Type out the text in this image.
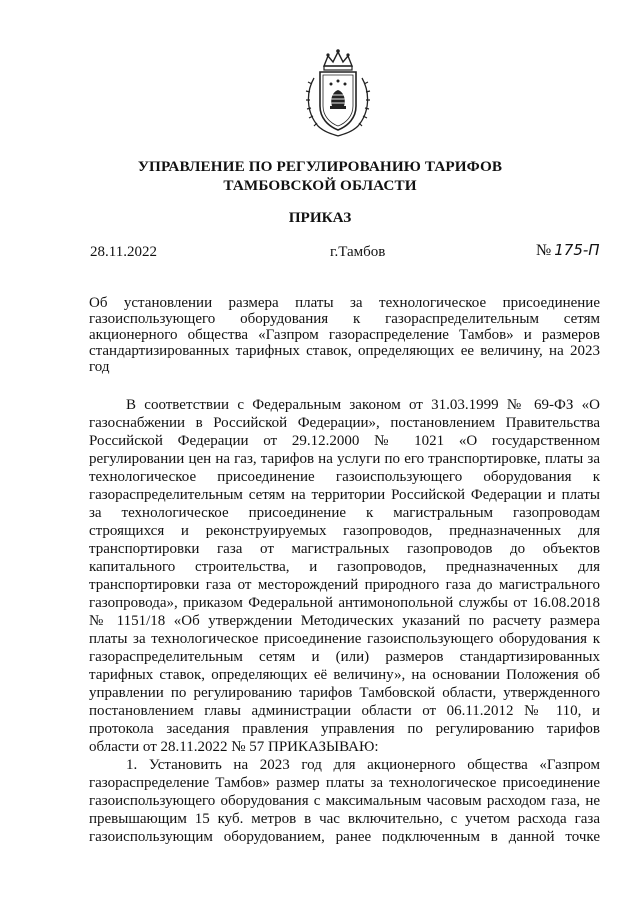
УПРАВЛЕНИЕ ПО РЕГУЛИРОВАНИЮ ТАРИФОВ
ТАМБОВСКОЙ ОБЛАСТИ
ПРИКАЗ
28.11.2022	г.Тамбов	№ 175-П
Об установлении размера платы за технологическое присоединение
газоиспользующего оборудования к газораспределительным сетям
акционерного общества «Газпром газораспределение Тамбов» и размеров
стандартизированных тарифных ставок, определяющих ее величину, на 2023
год
В соответствии с Федеральным законом от 31.03.1999 № 69-ФЗ «О
газоснабжении в Российской Федерации», постановлением Правительства
Российской Федерации от 29.12.2000 № 1021 «О государственном
регулировании цен на газ, тарифов на услуги по его транспортировке, платы за
технологическое присоединение газоиспользующего оборудования к
газораспределительным сетям на территории Российской Федерации и платы
за технологическое присоединение к магистральным газопроводам
строящихся и реконструируемых газопроводов, предназначенных для
транспортировки газа от магистральных газопроводов до объектов
капитального строительства, и газопроводов, предназначенных для
транспортировки газа от месторождений природного газа до магистрального
газопровода», приказом Федеральной антимонопольной службы от 16.08.2018
№ 1151/18 «Об утверждении Методических указаний по расчету размера
платы за технологическое присоединение газоиспользующего оборудования к
газораспределительным сетям и (или) размеров стандартизированных
тарифных ставок, определяющих её величину», на основании Положения об
управлении по регулированию тарифов Тамбовской области, утвержденного
постановлением главы администрации области от 06.11.2012 № 110, и
протокола заседания правления управления по регулированию тарифов
области от 28.11.2022 № 57 ПРИКАЗЫВАЮ:
1. Установить на 2023 год для акционерного общества «Газпром
газораспределение Тамбов» размер платы за технологическое присоединение
газоиспользующего оборудования с максимальным часовым расходом газа, не
превышающим 15 куб. метров в час включительно, с учетом расхода газа
газоиспользующим оборудованием, ранее подключенным в данной точке
